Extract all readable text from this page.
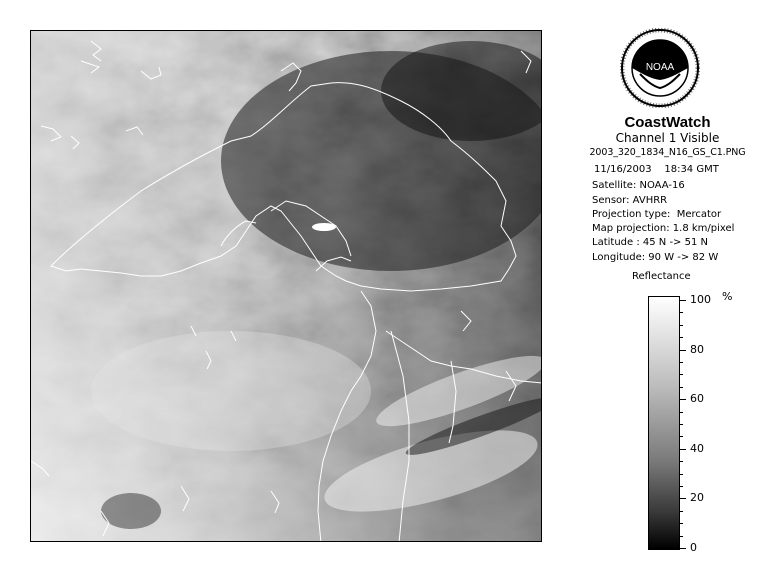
NOAA
CoastWatch
Channel 1 Visible
2003_320_1834_N16_GS_C1.PNG
11/16/2003    18:34 GMT
Satellite: NOAA-16
Sensor: AVHRR
Projection type:  Mercator
Map projection: 1.8 km/pixel
Latitude : 45 N -> 51 N
Longitude: 90 W -> 82 W
Reflectance
%
100
80
60
40
20
0
